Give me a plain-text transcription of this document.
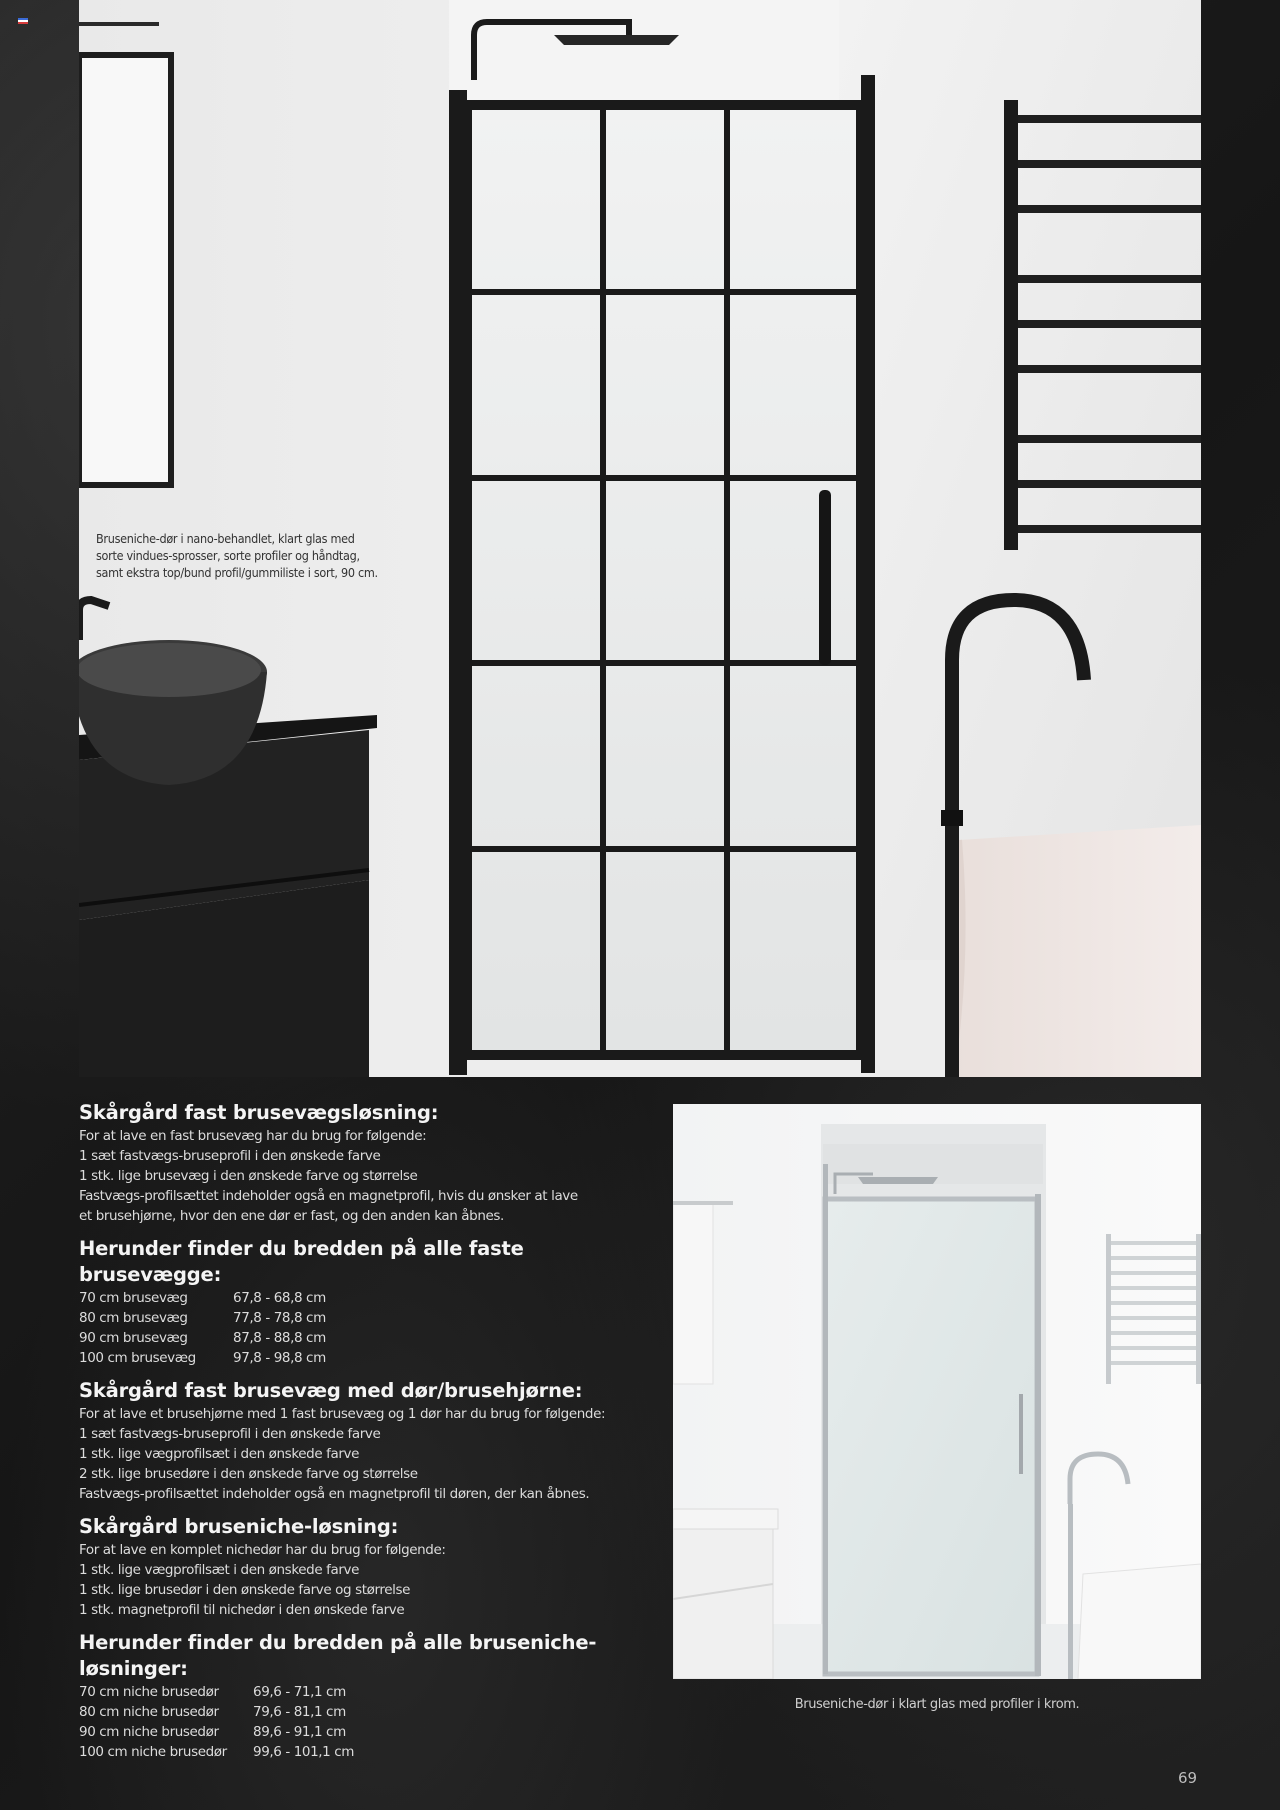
Bruseniche-dør i nano-behandlet, klart glas med
sorte vindues-sprosser, sorte profiler og håndtag,
samt ekstra top/bund profil/gummiliste i sort, 90 cm.
Skårgård fast brusevægsløsning:
For at lave en fast brusevæg har du brug for følgende:
1 sæt fastvægs-bruseprofil i den ønskede farve
1 stk. lige brusevæg i den ønskede farve og størrelse
Fastvægs-profilsættet indeholder også en magnetprofil, hvis du ønsker at lave
et brusehjørne, hvor den ene dør er fast, og den anden kan åbnes.
Herunder finder du bredden på alle faste brusevægge:
70 cm brusevæg	67,8 - 68,8 cm
80 cm brusevæg	77,8 - 78,8 cm
90 cm brusevæg	87,8 - 88,8 cm
100 cm brusevæg	97,8 - 98,8 cm
Skårgård fast brusevæg med dør/brusehjørne:
For at lave et brusehjørne med 1 fast brusevæg og 1 dør har du brug for følgende:
1 sæt fastvægs-bruseprofil i den ønskede farve
1 stk. lige vægprofilsæt i den ønskede farve
2 stk. lige brusedøre i den ønskede farve og størrelse
Fastvægs-profilsættet indeholder også en magnetprofil til døren, der kan åbnes.
Skårgård bruseniche-løsning:
For at lave en komplet nichedør har du brug for følgende:
1 stk. lige vægprofilsæt i den ønskede farve
1 stk. lige brusedør i den ønskede farve og størrelse
1 stk. magnetprofil til nichedør i den ønskede farve
Herunder finder du bredden på alle bruseniche-løsninger:
70 cm niche brusedør	69,6 - 71,1 cm
80 cm niche brusedør	79,6 - 81,1 cm
90 cm niche brusedør	89,6 - 91,1 cm
100 cm niche brusedør	99,6 - 101,1 cm
Bruseniche-dør i klart glas med profiler i krom.
69
